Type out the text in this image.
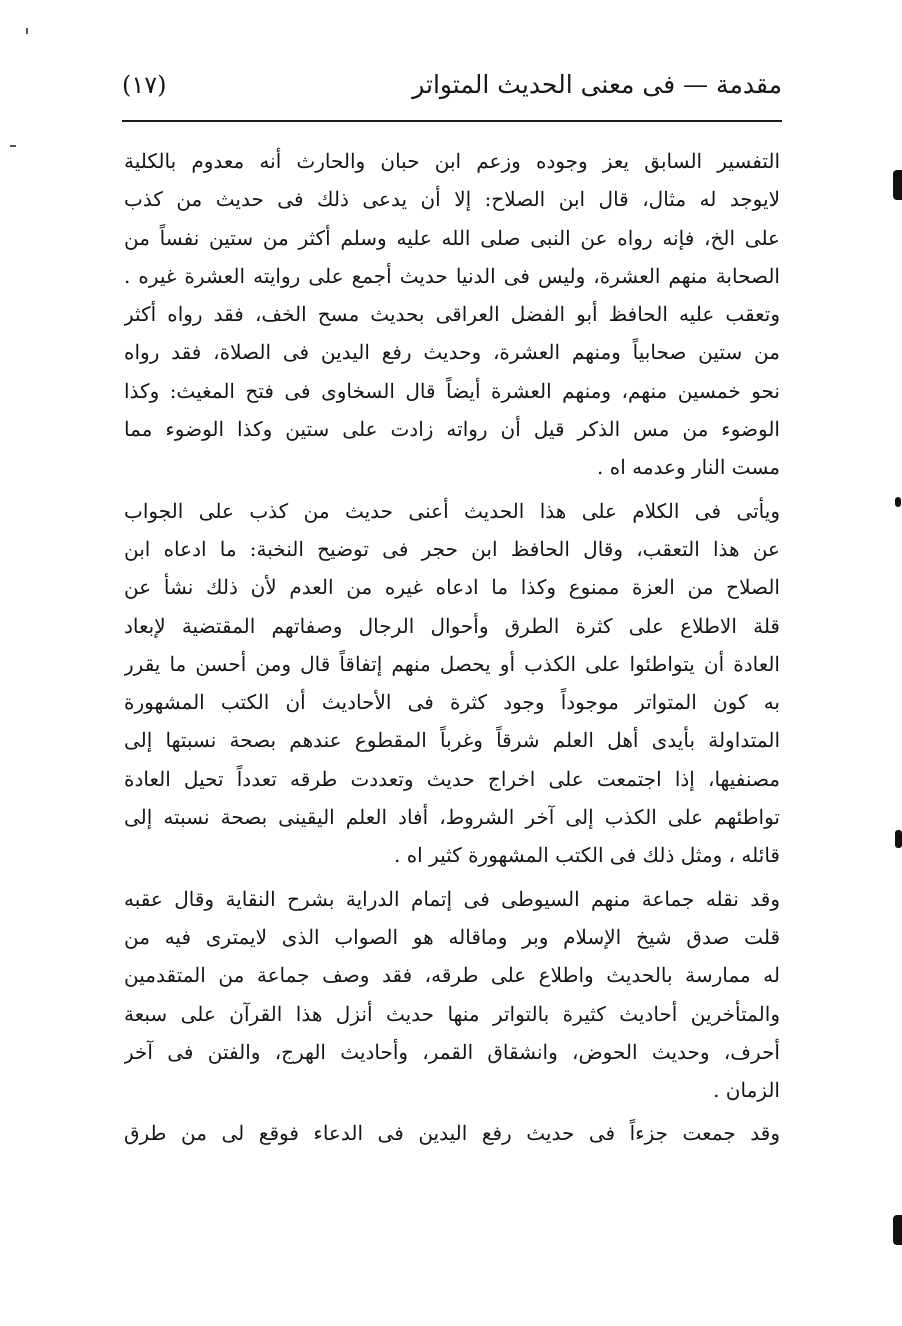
مقدمة — فى معنى الحديث المتواتر
(١٧)
التفسير السابق يعز وجوده وزعم ابن حبان والحارث أنه معدوم بالكلية
لايوجد له مثال، قال ابن الصلاح: إلا أن يدعى ذلك فى حديث من كذب
على الخ، فإنه رواه عن النبى صلى الله عليه وسلم أكثر من ستين نفساً من
الصحابة منهم العشرة، وليس فى الدنيا حديث أجمع على روايته العشرة غيره .
وتعقب عليه الحافظ أبو الفضل العراقى بحديث مسح الخف، فقد رواه أكثر
من ستين صحابياً ومنهم العشرة، وحديث رفع اليدين فى الصلاة، فقد رواه
نحو خمسين منهم، ومنهم العشرة أيضاً قال السخاوى فى فتح المغيث: وكذا
الوضوء من مس الذكر قيل أن رواته زادت على ستين وكذا الوضوء مما
مست النار وعدمه اه .
ويأتى فى الكلام على هذا الحديث أعنى حديث من كذب على الجواب
عن هذا التعقب، وقال الحافظ ابن حجر فى توضيح النخبة: ما ادعاه ابن
الصلاح من العزة ممنوع وكذا ما ادعاه غيره من العدم لأن ذلك نشأ عن
قلة الاطلاع على كثرة الطرق وأحوال الرجال وصفاتهم المقتضية لإبعاد
العادة أن يتواطئوا على الكذب أو يحصل منهم إتفاقاً قال ومن أحسن ما يقرر
به كون المتواتر موجوداً وجود كثرة فى الأحاديث أن الكتب المشهورة
المتداولة بأيدى أهل العلم شرقاً وغرباً المقطوع عندهم بصحة نسبتها إلى
مصنفيها، إذا اجتمعت على اخراج حديث وتعددت طرقه تعدداً تحيل العادة
تواطئهم على الكذب إلى آخر الشروط، أفاد العلم اليقينى بصحة نسبته إلى
قائله ، ومثل ذلك فى الكتب المشهورة كثير اه .
وقد نقله جماعة منهم السيوطى فى إتمام الدراية بشرح النقاية وقال عقبه
قلت صدق شيخ الإسلام وبر وماقاله هو الصواب الذى لايمترى فيه من
له ممارسة بالحديث واطلاع على طرقه، فقد وصف جماعة من المتقدمين
والمتأخرين أحاديث كثيرة بالتواتر منها حديث أنزل هذا القرآن على سبعة
أحرف، وحديث الحوض، وانشقاق القمر، وأحاديث الهرج، والفتن فى آخر
الزمان .
وقد جمعت جزءاً فى حديث رفع اليدين فى الدعاء فوقع لى من طرق
